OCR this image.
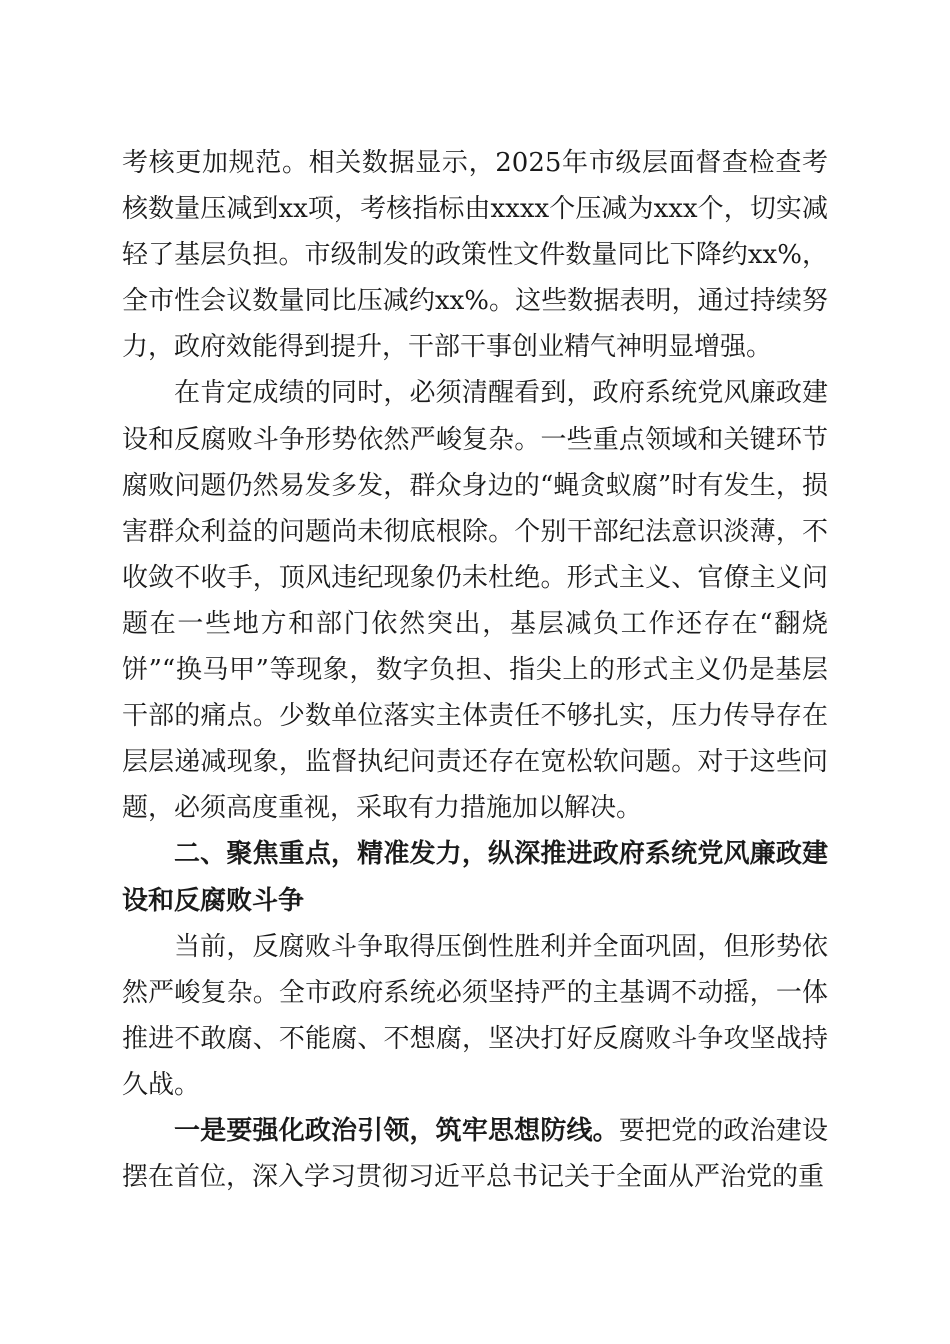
考核更加规范。相关数据显示，2025年市级层面督查检查考核数量压减到xx项，考核指标由xxxx个压减为xxx个，切实减轻了基层负担。市级制发的政策性文件数量同比下降约xx%，全市性会议数量同比压减约xx%。这些数据表明，通过持续努力，政府效能得到提升，干部干事创业精气神明显增强。

在肯定成绩的同时，必须清醒看到，政府系统党风廉政建设和反腐败斗争形势依然严峻复杂。一些重点领域和关键环节腐败问题仍然易发多发，群众身边的“蝇贪蚁腐”时有发生，损害群众利益的问题尚未彻底根除。个别干部纪法意识淡薄，不收敛不收手，顶风违纪现象仍未杜绝。形式主义、官僚主义问题在一些地方和部门依然突出，基层减负工作还存在“翻烧饼”“换马甲”等现象，数字负担、指尖上的形式主义仍是基层干部的痛点。少数单位落实主体责任不够扎实，压力传导存在层层递减现象，监督执纪问责还存在宽松软问题。对于这些问题，必须高度重视，采取有力措施加以解决。

二、聚焦重点，精准发力，纵深推进政府系统党风廉政建设和反腐败斗争

当前，反腐败斗争取得压倒性胜利并全面巩固，但形势依然严峻复杂。全市政府系统必须坚持严的主基调不动摇，一体推进不敢腐、不能腐、不想腐，坚决打好反腐败斗争攻坚战持久战。

一是要强化政治引领，筑牢思想防线。要把党的政治建设摆在首位，深入学习贯彻习近平总书记关于全面从严治党的重
